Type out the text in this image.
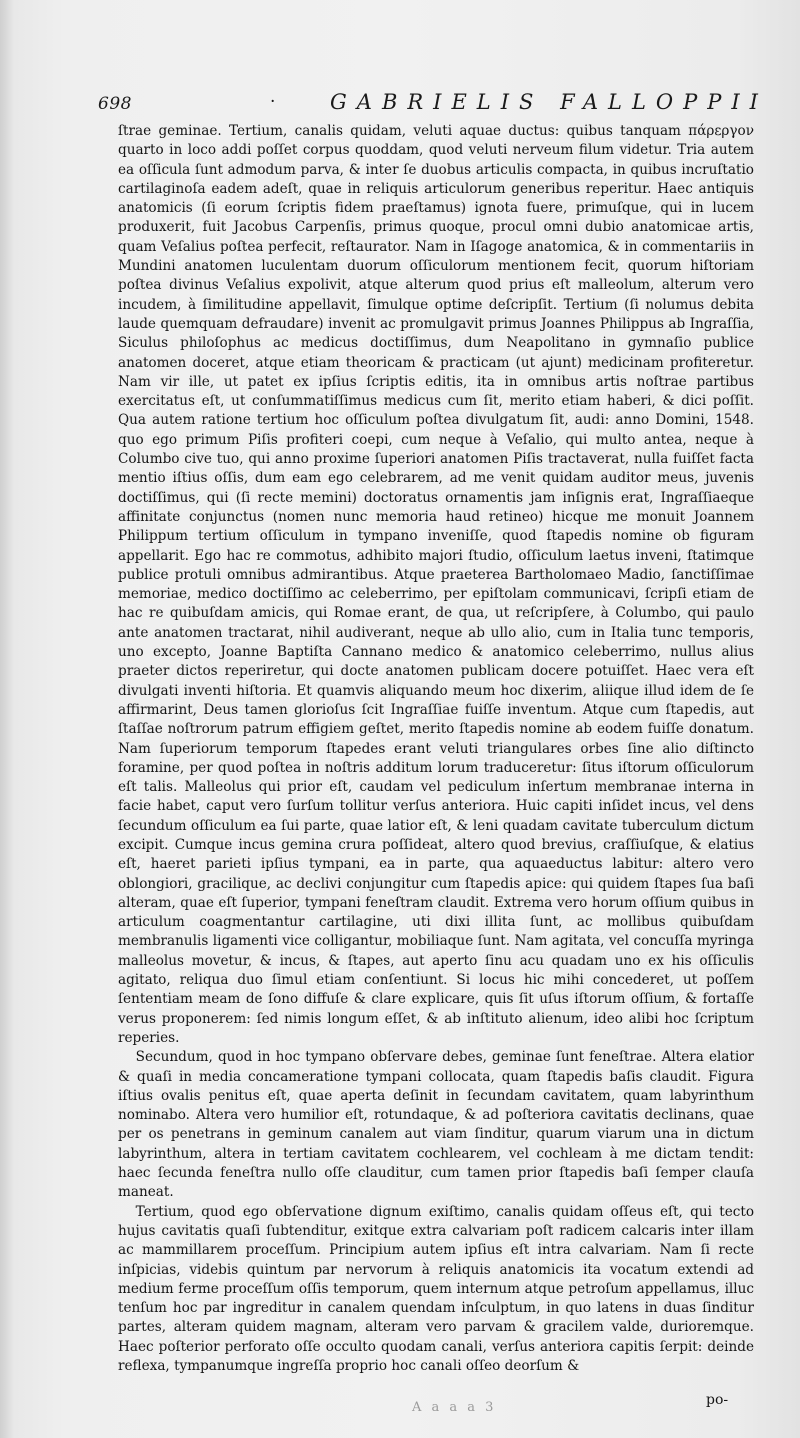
698	·	GABRIELIS FALLOPPII

ſtrae geminae. Tertium, canalis quidam, veluti aquae ductus: quibus tanquam πάρεργον quarto in loco addi poſſet corpus quoddam, quod veluti nerveum filum videtur. Tria autem ea oſſicula ſunt admodum parva, & inter ſe duobus articulis compacta, in quibus incruſtatio cartilaginoſa eadem adeſt, quae in reliquis articulorum generibus reperitur. Haec antiquis anatomicis (ſi eorum ſcriptis fidem praeſtamus) ignota fuere, primuſque, qui in lucem produxerit, fuit Jacobus Carpenſis, primus quoque, procul omni dubio anatomicae artis, quam Veſalius poſtea perfecit, reſtaurator. Nam in Iſagoge anatomica, & in commentariis in Mundini anatomen luculentam duorum oſſiculorum mentionem fecit, quorum hiſtoriam poſtea divinus Veſalius expolivit, atque alterum quod prius eſt malleolum, alterum vero incudem, à ſimilitudine appellavit, ſimulque optime deſcripſit. Tertium (ſi nolumus debita laude quemquam defraudare) invenit ac promulgavit primus Joannes Philippus ab Ingraſſia, Siculus philoſophus ac medicus doctiſſimus, dum Neapolitano in gymnaſio publice anatomen doceret, atque etiam theoricam & practicam (ut ajunt) medicinam profiteretur. Nam vir ille, ut patet ex ipſius ſcriptis editis, ita in omnibus artis noſtrae partibus exercitatus eſt, ut conſummatiſſimus medicus cum ſit, merito etiam haberi, & dici poſſit. Qua autem ratione tertium hoc oſſiculum poſtea divulgatum ſit, audi: anno Domini, 1548. quo ego primum Piſis profiteri coepi, cum neque à Veſalio, qui multo antea, neque à Columbo cive tuo, qui anno proxime ſuperiori anatomen Piſis tractaverat, nulla fuiſſet facta mentio iſtius oſſis, dum eam ego celebrarem, ad me venit quidam auditor meus, juvenis doctiſſimus, qui (ſi recte memini) doctoratus ornamentis jam inſignis erat, Ingraſſiaeque affinitate conjunctus (nomen nunc memoria haud retineo) hicque me monuit Joannem Philippum tertium oſſiculum in tympano inveniſſe, quod ſtapedis nomine ob figuram appellarit. Ego hac re commotus, adhibito majori ſtudio, oſſiculum laetus inveni, ſtatimque publice protuli omnibus admirantibus. Atque praeterea Bartholomaeo Madio, ſanctiſſimae memoriae, medico doctiſſimo ac celeberrimo, per epiſtolam communicavi, ſcripſi etiam de hac re quibuſdam amicis, qui Romae erant, de qua, ut reſcripſere, à Columbo, qui paulo ante anatomen tractarat, nihil audiverant, neque ab ullo alio, cum in Italia tunc temporis, uno excepto, Joanne Baptiſta Cannano medico & anatomico celeberrimo, nullus alius praeter dictos reperiretur, qui docte anatomen publicam docere potuiſſet. Haec vera eſt divulgati inventi hiſtoria. Et quamvis aliquando meum hoc dixerim, aliique illud idem de ſe affirmarint, Deus tamen glorioſus ſcit Ingraſſiae fuiſſe inventum. Atque cum ſtapedis, aut ſtaſſae noſtrorum patrum effigiem geſtet, merito ſtapedis nomine ab eodem fuiſſe donatum. Nam ſuperiorum temporum ſtapedes erant veluti triangulares orbes ſine alio diſtincto foramine, per quod poſtea in noſtris additum lorum traduceretur: ſitus iſtorum oſſiculorum eſt talis. Malleolus qui prior eſt, caudam vel pediculum inſertum membranae interna in facie habet, caput vero ſurſum tollitur verſus anteriora. Huic capiti inſidet incus, vel dens ſecundum oſſiculum ea ſui parte, quae latior eſt, & leni quadam cavitate tuberculum dictum excipit. Cumque incus gemina crura poſſideat, altero quod brevius, craſſiuſque, & elatius eſt, haeret parieti ipſius tympani, ea in parte, qua aquaeductus labitur: altero vero oblongiori, gracilique, ac declivi conjungitur cum ſtapedis apice: qui quidem ſtapes ſua baſi alteram, quae eſt ſuperior, tympani feneſtram claudit. Extrema vero horum oſſium quibus in articulum coagmentantur cartilagine, uti dixi illita ſunt, ac mollibus quibuſdam membranulis ligamenti vice colligantur, mobiliaque ſunt. Nam agitata, vel concuſſa myringa malleolus movetur, & incus, & ſtapes, aut aperto ſinu acu quadam uno ex his oſſiculis agitato, reliqua duo ſimul etiam conſentiunt. Si locus hic mihi concederet, ut poſſem ſententiam meam de ſono diffuſe & clare explicare, quis ſit uſus iſtorum oſſium, & fortaſſe verus proponerem: ſed nimis longum eſſet, & ab inſtituto alienum, ideo alibi hoc ſcriptum reperies.

Secundum, quod in hoc tympano obſervare debes, geminae ſunt feneſtrae. Altera elatior & quaſi in media concameratione tympani collocata, quam ſtapedis baſis claudit. Figura iſtius ovalis penitus eſt, quae aperta deſinit in ſecundam cavitatem, quam labyrinthum nominabo. Altera vero humilior eſt, rotundaque, & ad poſteriora cavitatis declinans, quae per os penetrans in geminum canalem aut viam ſinditur, quarum viarum una in dictum labyrinthum, altera in tertiam cavitatem cochlearem, vel cochleam à me dictam tendit: haec ſecunda feneſtra nullo oſſe clauditur, cum tamen prior ſtapedis baſi ſemper clauſa maneat.

Tertium, quod ego obſervatione dignum exiſtimo, canalis quidam oſſeus eſt, qui tecto hujus cavitatis quaſi ſubtenditur, exitque extra calvariam poſt radicem calcaris inter illam ac mammillarem proceſſum. Principium autem ipſius eſt intra calvariam. Nam ſi recte inſpicias, videbis quintum par nervorum à reliquis anatomicis ita vocatum extendi ad medium ferme proceſſum oſſis temporum, quem internum atque petroſum appellamus, illuc tenſum hoc par ingreditur in canalem quendam inſculptum, in quo latens in duas ſinditur partes, alteram quidem magnam, alteram vero parvam & gracilem valde, durioremque. Haec poſterior perforato oſſe occulto quodam canali, verſus anteriora capitis ſerpit: deinde reflexa, tympanumque ingreſſa proprio hoc canali oſſeo deorſum &

A a a a 3	po-
